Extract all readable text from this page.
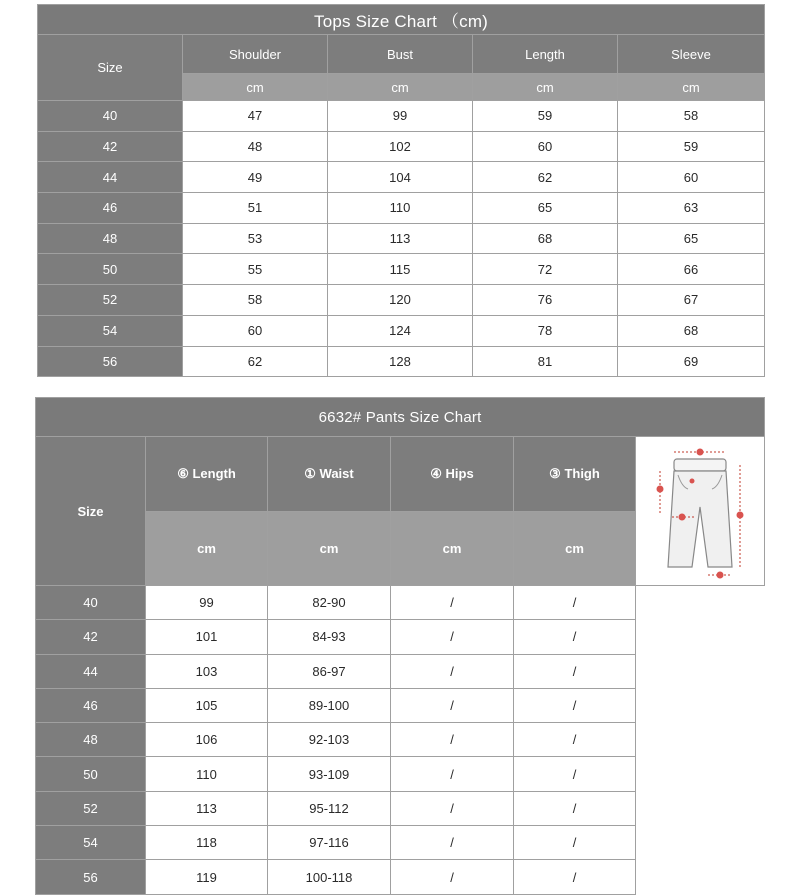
Tops Size Chart （cm)				
Size	Shoulder	Bust	Length	Sleeve
	cm	cm	cm	cm
40	47	99	59	58
42	48	102	60	59
44	49	104	62	60
46	51	110	65	63
48	53	113	68	65
50	55	115	72	66
52	58	120	76	67
54	60	124	78	68
56	62	128	81	69
6632# Pants Size Chart					
Size	⑥ Length	① Waist	④ Hips	③ Thigh	

	cm	cm	cm	cm	
40	99	82-90	/	/	
42	101	84-93	/	/	
44	103	86-97	/	/	
46	105	89-100	/	/	
48	106	92-103	/	/	
50	110	93-109	/	/	
52	113	95-112	/	/	
54	118	97-116	/	/	
56	119	100-118	/	/	
